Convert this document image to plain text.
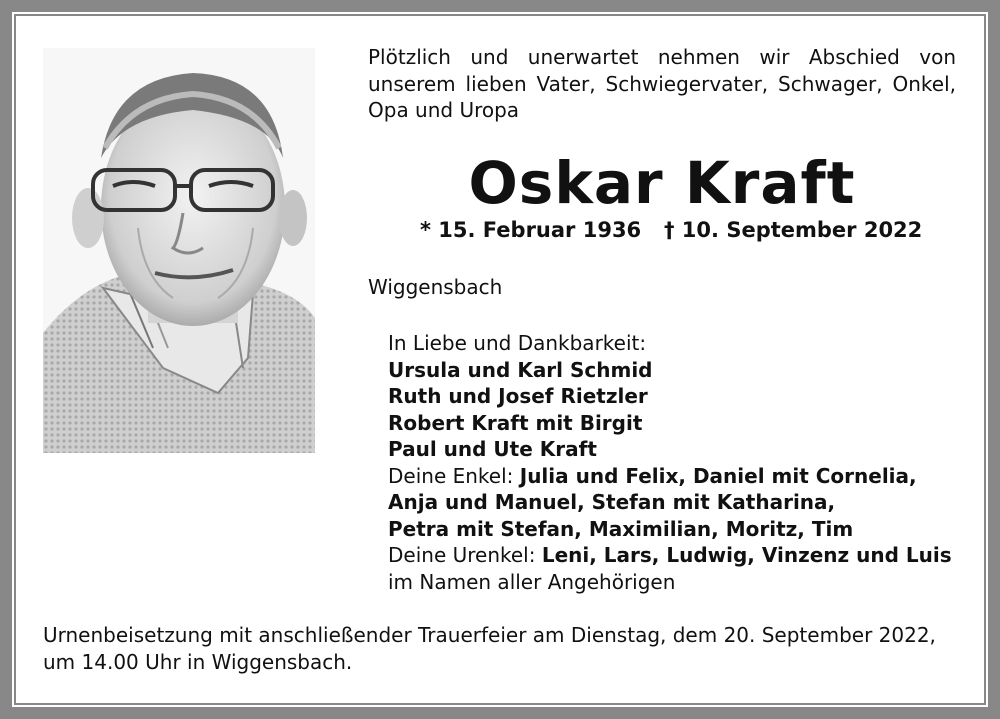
Plötzlich und unerwartet nehmen wir Abschied von

unserem lieben Vater, Schwiegervater, Schwager, Onkel,

Opa und Uropa

Oskar Kraft
* 15. Februar 1936 † 10. September 2022
Wiggensbach
In Liebe und Dankbarkeit:
Ursula und Karl Schmid
Ruth und Josef Rietzler
Robert Kraft mit Birgit
Paul und Ute Kraft
Deine Enkel: Julia und Felix, Daniel mit Cornelia,
Anja und Manuel, Stefan mit Katharina,
Petra mit Stefan, Maximilian, Moritz, Tim
Deine Urenkel: Leni, Lars, Ludwig, Vinzenz und Luis
im Namen aller Angehörigen
Urnenbeisetzung mit anschließender Trauerfeier am Dienstag, dem 20. September 2022,
um 14.00 Uhr in Wiggensbach.
